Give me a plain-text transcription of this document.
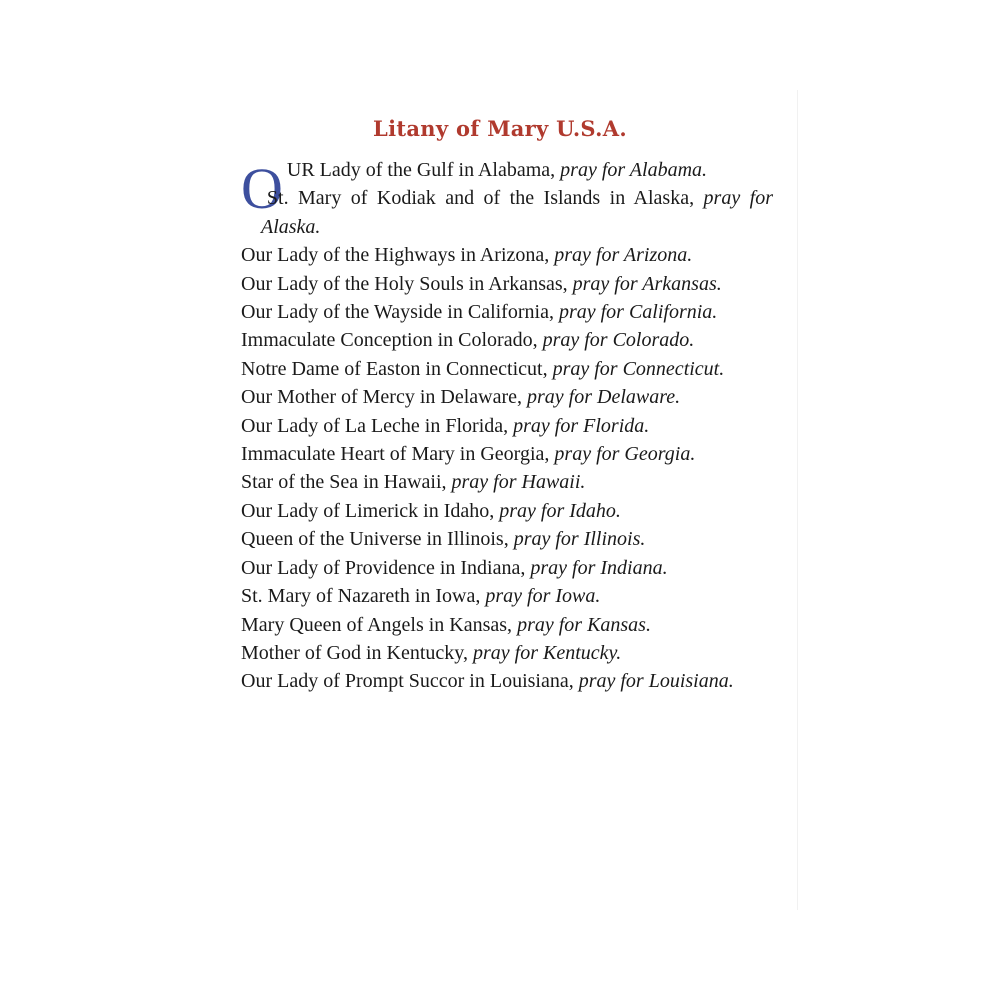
Litany of Mary U.S.A.
OUR Lady of the Gulf in Alabama, pray for Alabama.
St. Mary of Kodiak and of the Islands in Alaska, pray for Alaska.
Our Lady of the Highways in Arizona, pray for Arizona.
Our Lady of the Holy Souls in Arkansas, pray for Arkansas.
Our Lady of the Wayside in California, pray for California.
Immaculate Conception in Colorado, pray for Colorado.
Notre Dame of Easton in Connecticut, pray for Connecticut.
Our Mother of Mercy in Delaware, pray for Delaware.
Our Lady of La Leche in Florida, pray for Florida.
Immaculate Heart of Mary in Georgia, pray for Georgia.
Star of the Sea in Hawaii, pray for Hawaii.
Our Lady of Limerick in Idaho, pray for Idaho.
Queen of the Universe in Illinois, pray for Illinois.
Our Lady of Providence in Indiana, pray for Indiana.
St. Mary of Nazareth in Iowa, pray for Iowa.
Mary Queen of Angels in Kansas, pray for Kansas.
Mother of God in Kentucky, pray for Kentucky.
Our Lady of Prompt Succor in Louisiana, pray for Louisiana.
